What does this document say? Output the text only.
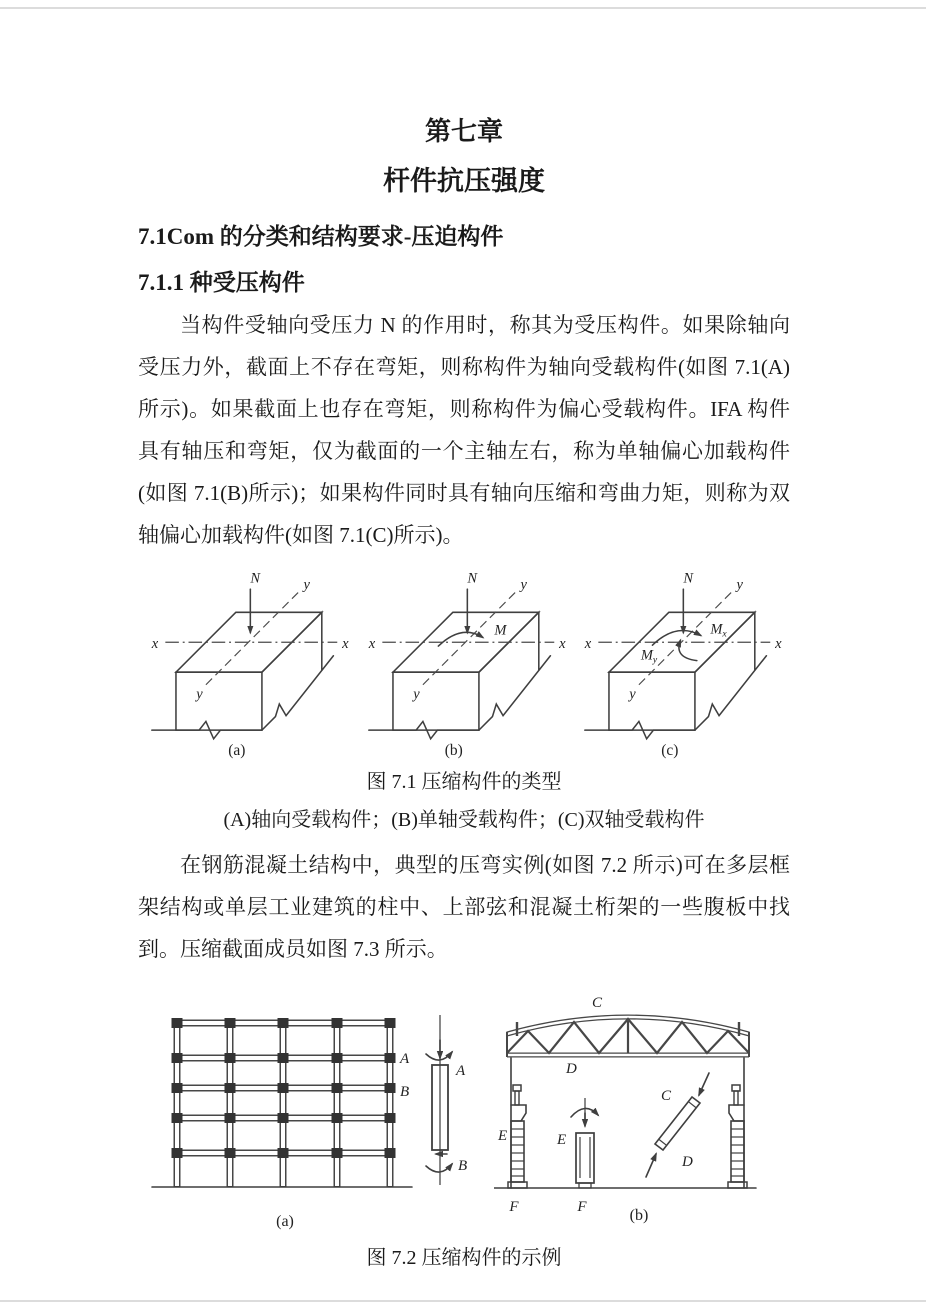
第七章
杆件抗压强度
7.1Com 的分类和结构要求-压迫构件
7.1.1 种受压构件

当构件受轴向受压力 N 的作用时，称其为受压构件。如果除轴向受压力外，截面上不存在弯矩，则称构件为轴向受载构件(如图 7.1(A)所示)。如果截面上也存在弯矩，则称构件为偏心受载构件。IFA 构件具有轴压和弯矩，仅为截面的一个主轴左右，称为单轴偏心加载构件(如图 7.1(B)所示)；如果构件同时具有轴向压缩和弯曲力矩，则称为双轴偏心加载构件(如图 7.1(C)所示)。

N
x	x
y
y
(a)
N
M
x	x
y
y
(b)
N
Mx
My
x	x
y
y
(c)
图 7.1 压缩构件的类型
(A)轴向受载构件；(B)单轴受载构件；(C)双轴受载构件

在钢筋混凝土结构中，典型的压弯实例(如图 7.2 所示)可在多层框架结构或单层工业建筑的柱中、上部弦和混凝土桁架的一些腹板中找到。压缩截面成员如图 7.3 所示。

A
B
A
B
(a)
C
D
E	E
C
D
F	F	(b)
图 7.2 压缩构件的示例
